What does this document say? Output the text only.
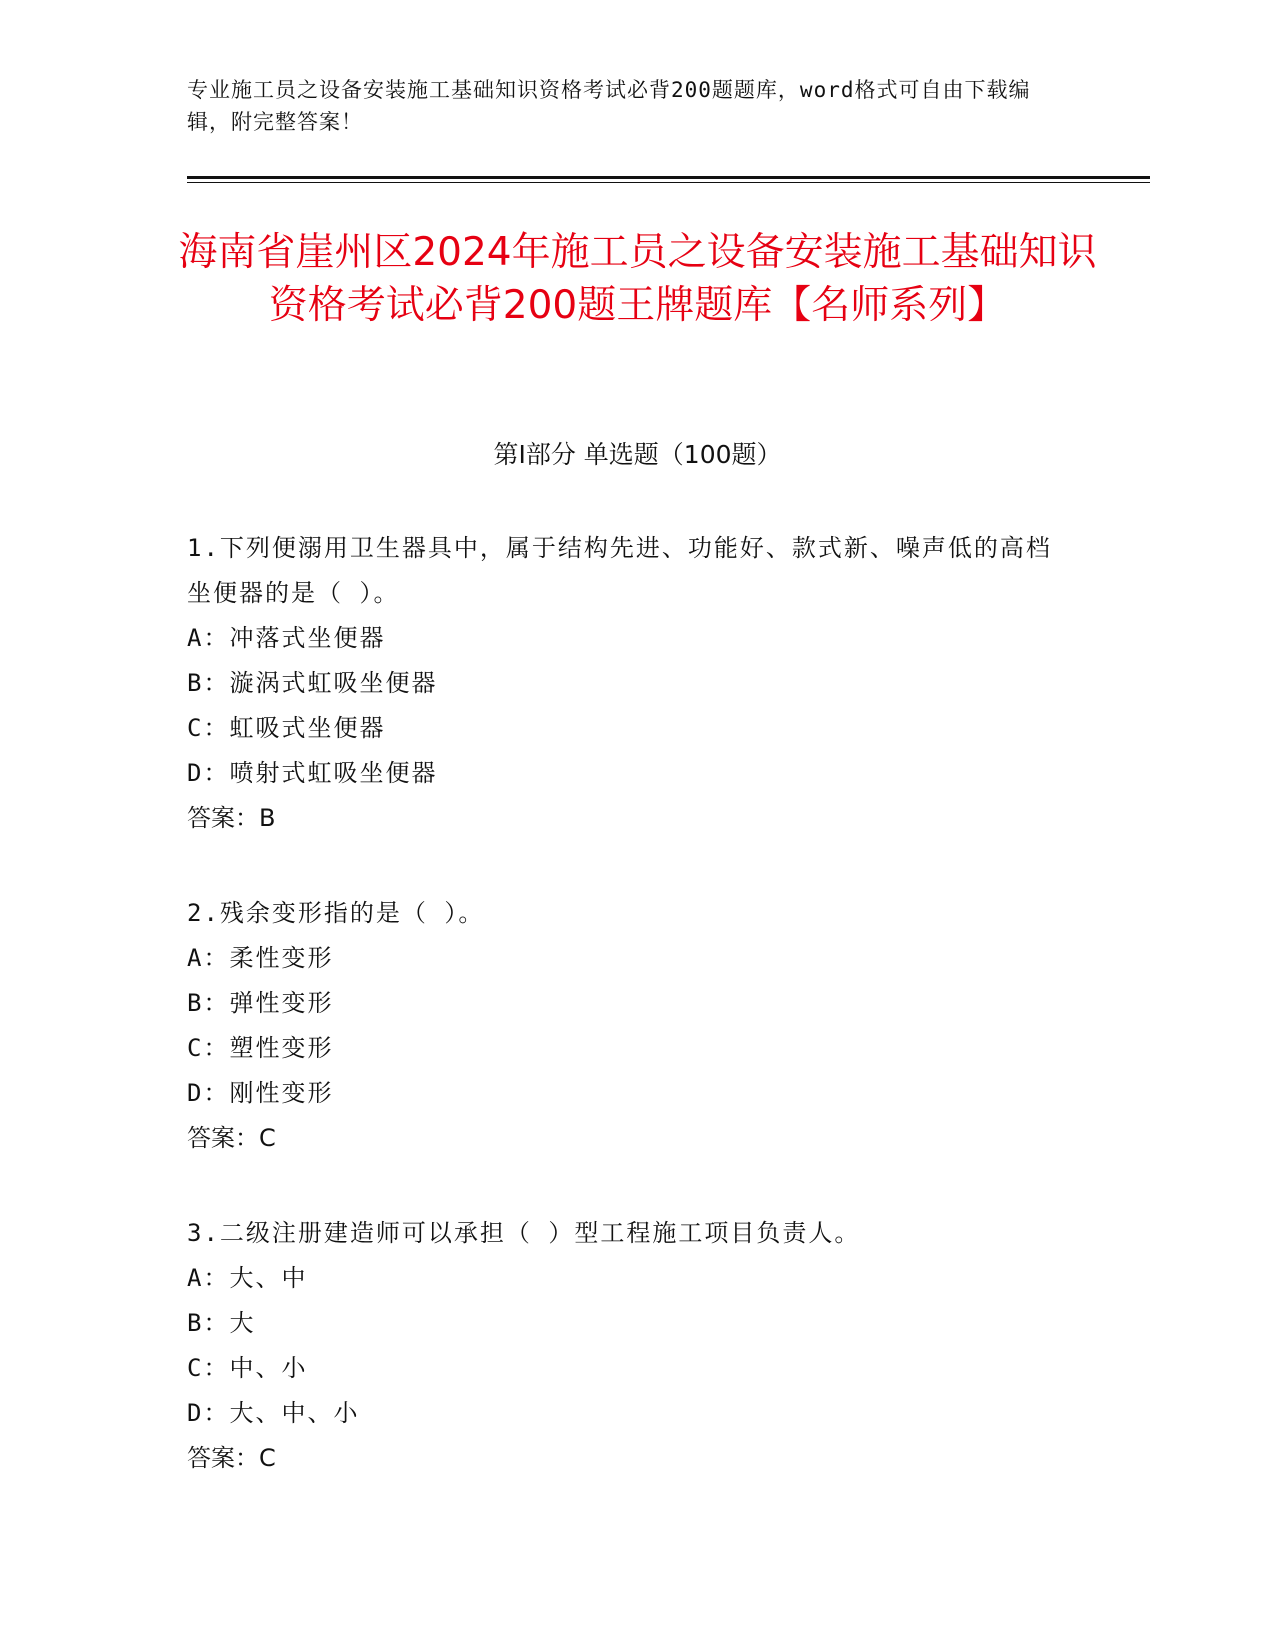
专业施工员之设备安装施工基础知识资格考试必背200题题库，word格式可自由下载编辑，附完整答案！
海南省崖州区2024年施工员之设备安装施工基础知识资格考试必背200题王牌题库【名师系列】
第I部分 单选题（100题）
1.下列便溺用卫生器具中，属于结构先进、功能好、款式新、噪声低的高档坐便器的是（ ）。
A：冲落式坐便器
B：漩涡式虹吸坐便器
C：虹吸式坐便器
D：喷射式虹吸坐便器
答案：B
2.残余变形指的是（ ）。
A：柔性变形
B：弹性变形
C：塑性变形
D：刚性变形
答案：C
3.二级注册建造师可以承担（ ）型工程施工项目负责人。
A：大、中
B：大
C：中、小
D：大、中、小
答案：C
